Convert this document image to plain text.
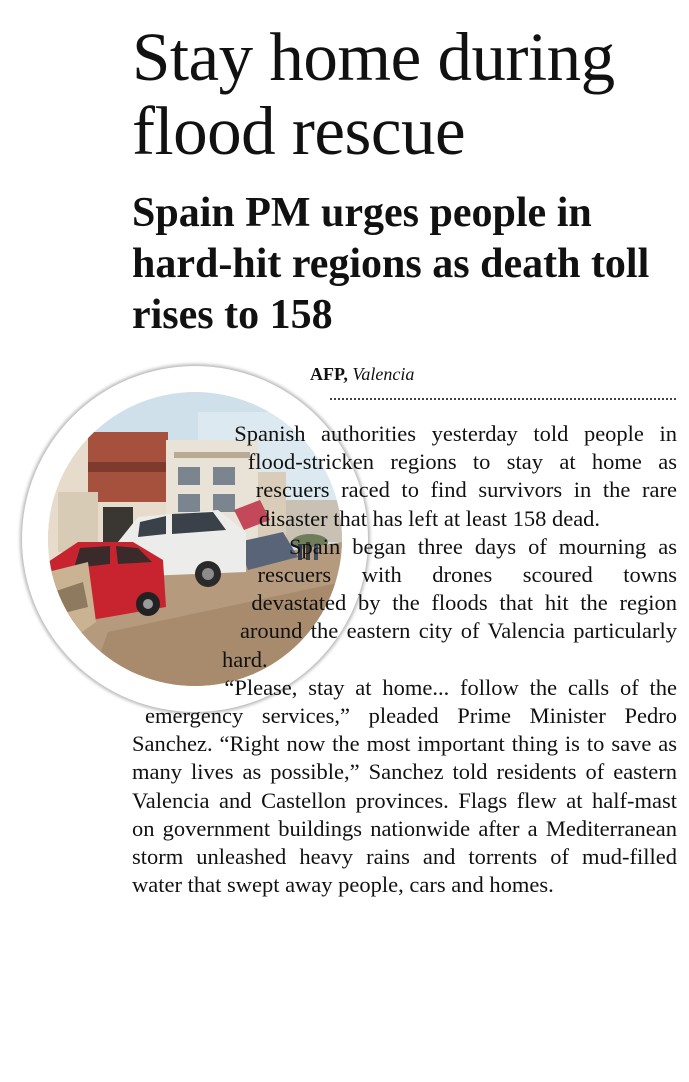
Stay home during flood rescue
Spain PM urges people in hard-hit regions as death toll rises to 158
AFP, Valencia

Spanish authorities yesterday told people in flood-stricken regions to stay at home as rescuers raced to find survivors in the rare disaster that has left at least 158 dead.

Spain began three days of mourning as rescuers with drones scoured towns devastated by the floods that hit the region around the eastern city of Valencia particularly hard.

“Please, stay at home... follow the calls of the emergency services,” pleaded Prime Minister Pedro Sanchez. “Right now the most important thing is to save as many lives as possible,” Sanchez told residents of eastern Valencia and Castellon provinces. Flags flew at half-mast on government buildings nationwide after a Mediterranean storm unleashed heavy rains and torrents of mud-filled water that swept away people, cars and homes.
